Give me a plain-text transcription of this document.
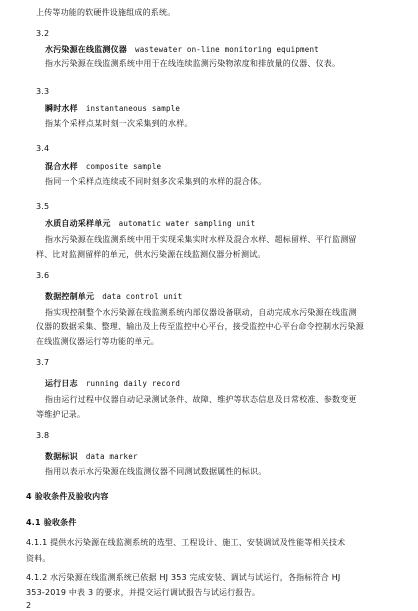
上传等功能的软硬件设施组成的系统。
3.2
水污染源在线监测仪器 wastewater on-line monitoring equipment
指水污染源在线监测系统中用于在线连续监测污染物浓度和排放量的仪器、仪表。
3.3
瞬时水样 instantaneous sample
指某个采样点某时刻一次采集到的水样。
3.4
混合水样 composite sample
指同一个采样点连续或不同时刻多次采集到的水样的混合体。
3.5
水质自动采样单元 automatic water sampling unit
指水污染源在线监测系统中用于实现采集实时水样及混合水样、超标留样、平行监测留
样、比对监测留样的单元，供水污染源在线监测仪器分析测试。
3.6
数据控制单元 data control unit
指实现控制整个水污染源在线监测系统内部仪器设备联动，自动完成水污染源在线监测
仪器的数据采集、整理、输出及上传至监控中心平台，接受监控中心平台命令控制水污染源
在线监测仪器运行等功能的单元。
3.7
运行日志 running daily record
指由运行过程中仪器自动记录测试条件、故障、维护等状态信息及日常校准、参数变更
等维护记录。
3.8
数据标识 data marker
指用以表示水污染源在线监测仪器不同测试数据属性的标识。
4 验收条件及验收内容
4.1 验收条件
4.1.1 提供水污染源在线监测系统的选型、工程设计、施工、安装调试及性能等相关技术
资料。
4.1.2 水污染源在线监测系统已依据 HJ 353 完成安装、调试与试运行，各指标符合 HJ
353-2019 中表 3 的要求，并提交运行调试报告与试运行报告。
2
